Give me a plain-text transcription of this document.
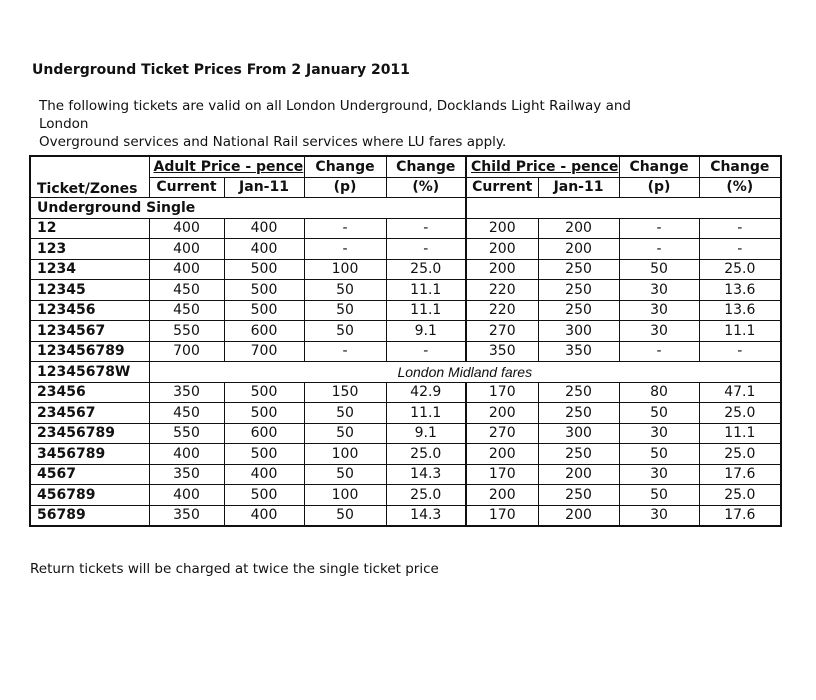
Underground Ticket Prices From 2 January 2011
The following tickets are valid on all London Underground, Docklands Light Railway and London
Overground services and National Rail services where LU fares apply.
Ticket/Zones	Adult Price - pence		Change	Change	Child Price - pence		Change	Change
	Current	Jan-11	(p)	(%)	Current	Jan-11	(p)	(%)
Underground Single								
12	400	400	-	-	200	200	-	-
123	400	400	-	-	200	200	-	-
1234	400	500	100	25.0	200	250	50	25.0
12345	450	500	50	11.1	220	250	30	13.6
123456	450	500	50	11.1	220	250	30	13.6
1234567	550	600	50	9.1	270	300	30	11.1
123456789	700	700	-	-	350	350	-	-
12345678W	London Midland fares							
23456	350	500	150	42.9	170	250	80	47.1
234567	450	500	50	11.1	200	250	50	25.0
23456789	550	600	50	9.1	270	300	30	11.1
3456789	400	500	100	25.0	200	250	50	25.0
4567	350	400	50	14.3	170	200	30	17.6
456789	400	500	100	25.0	200	250	50	25.0
56789	350	400	50	14.3	170	200	30	17.6
Return tickets will be charged at twice the single ticket price
